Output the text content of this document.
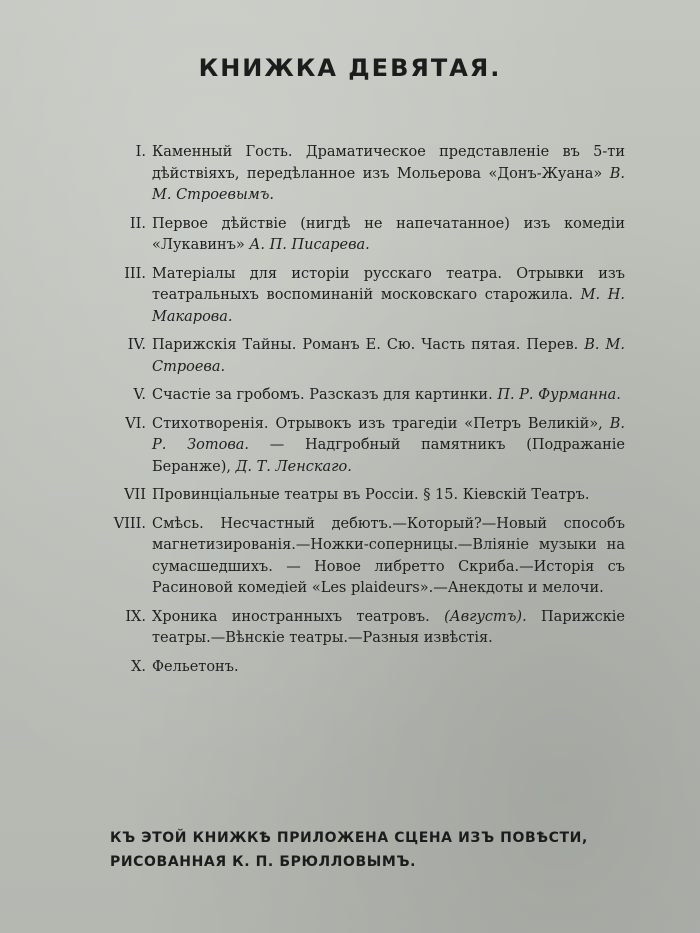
КНИЖКА ДЕВЯТАЯ.
I. Каменный Гость. Драматическое представленіе въ 5-ти дѣйствіяхъ, передѣланное изъ Мольерова «Донъ-Жуана» В. М. Строевымъ.
II. Первое дѣйствіе (нигдѣ не напечатанное) изъ комедіи «Лукавинъ» А. П. Писарева.
III. Матеріалы для исторіи русскаго театра. Отрывки изъ театральныхъ воспоминаній московскаго старожила. М. Н. Макарова.
IV. Парижскія Тайны. Романъ Е. Сю. Часть пятая. Перев. В. М. Строева.
V. Счастіе за гробомъ. Разсказъ для картинки. П. Р. Фурманна.
VI. Стихотворенія. Отрывокъ изъ трагедіи «Петръ Великій», В. Р. Зотова. — Надгробный памятникъ (Подражаніе Беранже), Д. Т. Ленскаго.
VII Провинціальные театры въ Россіи. § 15. Кіевскій Театръ.
VIII. Смѣсь. Несчастный дебютъ.—Который?—Новый способъ магнетизированія.—Ножки-соперницы.—Вліяніе музыки на сумасшедшихъ. — Новое либретто Скриба.—Исторія съ Расиновой комедіей «Les plaideurs».—Анекдоты и мелочи.
IX. Хроника иностранныхъ театровъ. (Августъ). Парижскіе театры.—Вѣнскіе театры.—Разныя извѣстія.
X. Фельетонъ.
КЪ ЭТОЙ КНИЖКѢ ПРИЛОЖЕНА СЦЕНА ИЗЪ ПОВѢСТИ,
РИСОВАННАЯ К. П. БРЮЛЛОВЫМЪ.
